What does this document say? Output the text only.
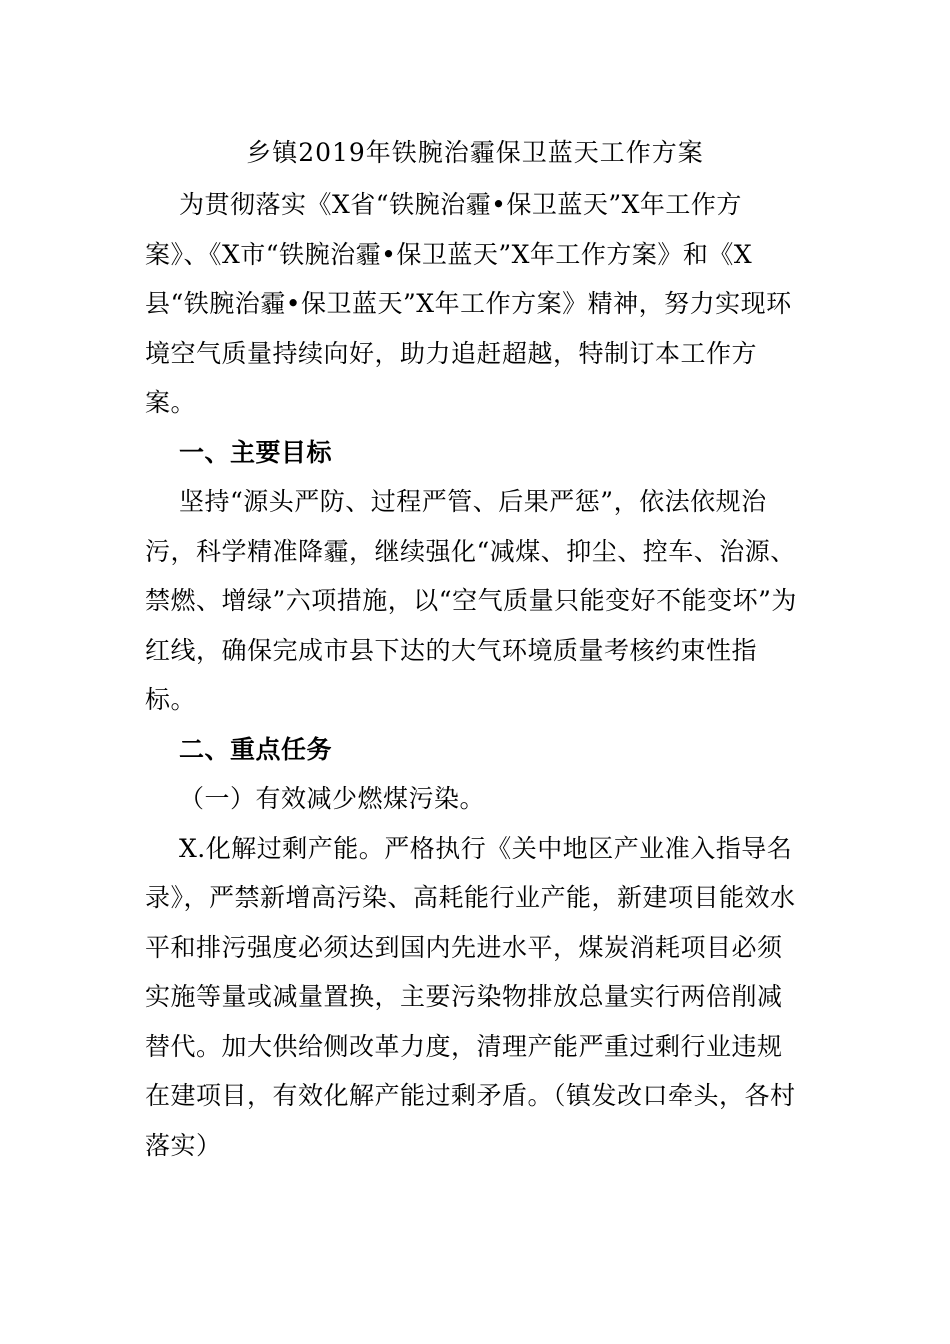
乡镇2019年铁腕治霾保卫蓝天工作方案

为贯彻落实《X省“铁腕治霾•保卫蓝天”X年工作方案》、《X市“铁腕治霾•保卫蓝天”X年工作方案》和《X县“铁腕治霾•保卫蓝天”X年工作方案》精神，努力实现环境空气质量持续向好，助力追赶超越，特制订本工作方案。

一、主要目标

坚持“源头严防、过程严管、后果严惩”，依法依规治污，科学精准降霾，继续强化“减煤、抑尘、控车、治源、禁燃、增绿”六项措施，以“空气质量只能变好不能变坏”为红线，确保完成市县下达的大气环境质量考核约束性指标。

二、重点任务

（一）有效减少燃煤污染。

X.化解过剩产能。严格执行《关中地区产业准入指导名录》，严禁新增高污染、高耗能行业产能，新建项目能效水平和排污强度必须达到国内先进水平，煤炭消耗项目必须实施等量或减量置换，主要污染物排放总量实行两倍削减替代。加大供给侧改革力度，清理产能严重过剩行业违规在建项目，有效化解产能过剩矛盾。（镇发改口牵头，各村落实）
